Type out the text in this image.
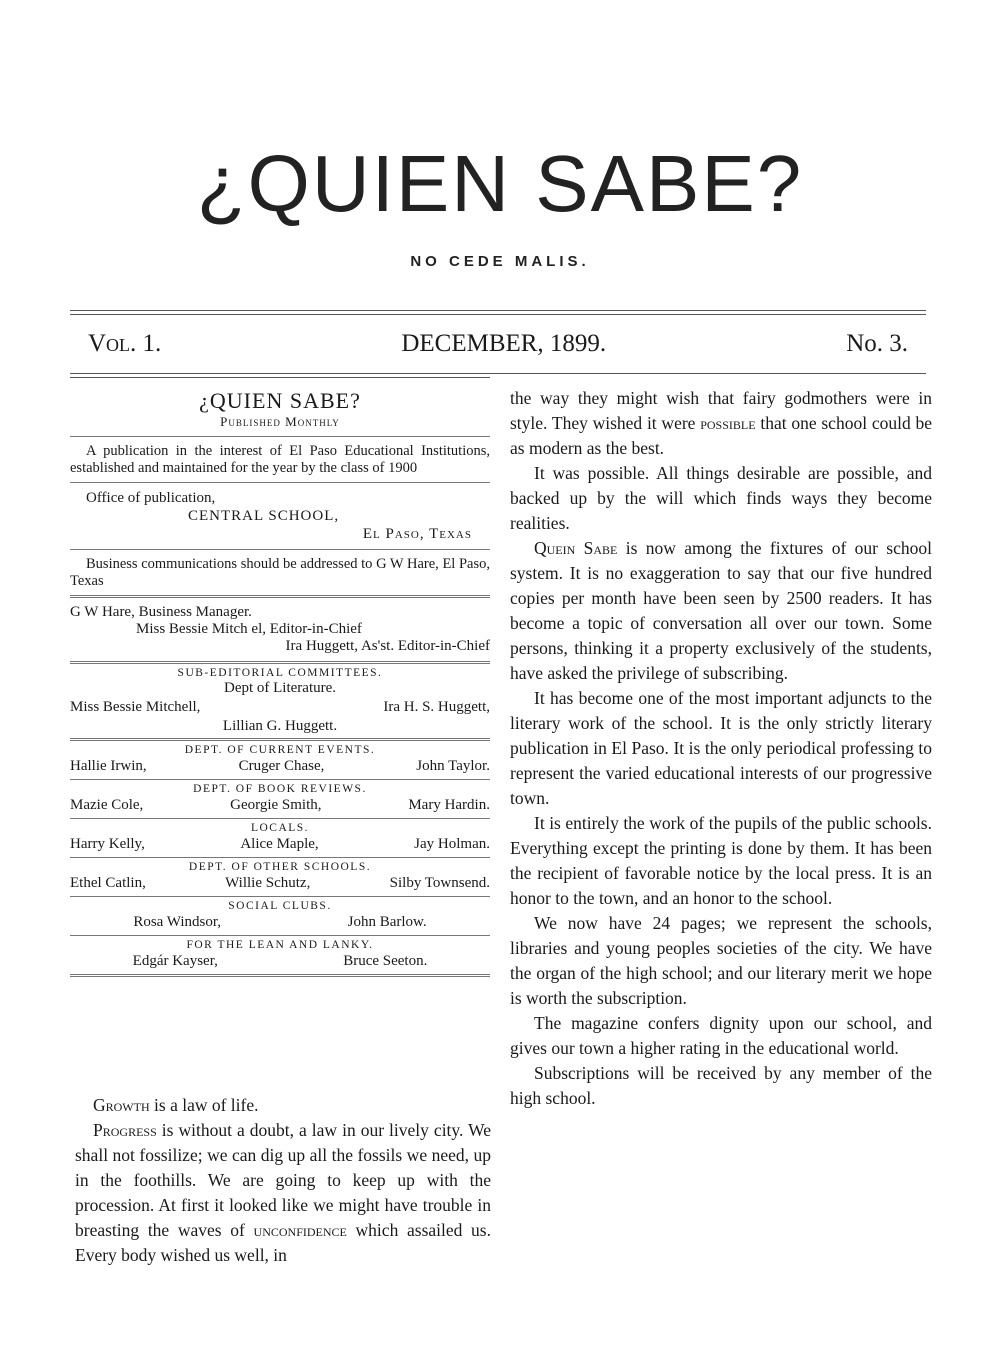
¿QUIEN SABE?
NO CEDE MALIS.
Vol. 1.	DECEMBER, 1899.	No. 3.
¿QUIEN SABE?
Published Monthly
A publication in the interest of El Paso Educational Institutions, established and maintained for the year by the class of 1900
Office of publication,
CENTRAL SCHOOL,
El Paso, Texas
Business communications should be addressed to G W Hare, El Paso, Texas
G W Hare, Business Manager.
Miss Bessie Mitch el, Editor-in-Chief
Ira Huggett, As'st. Editor-in-Chief
SUB-EDITORIAL COMMITTEES.
Dept of Literature.
Miss Bessie Mitchell,	Ira H. S. Huggett,
Lillian G. Huggett.
DEPT. OF CURRENT EVENTS.
Hallie Irwin,	Cruger Chase,	John Taylor.
DEPT. OF BOOK REVIEWS.
Mazie Cole,	Georgie Smith,	Mary Hardin.
LOCALS.
Harry Kelly,	Alice Maple,	Jay Holman.
DEPT. OF OTHER SCHOOLS.
Ethel Catlin,	Willie Schutz,	Silby Townsend.
SOCIAL CLUBS.
Rosa Windsor,	John Barlow.
FOR THE LEAN AND LANKY.
Edgár Kayser,	Bruce Seeton.

Growth is a law of life.

Progress is without a doubt, a law in our lively city. We shall not fossilize; we can dig up all the fossils we need, up in the foothills. We are going to keep up with the procession. At first it looked like we might have trouble in breasting the waves of unconfidence which assailed us. Every body wished us well, in

the way they might wish that fairy godmothers were in style. They wished it were possible that one school could be as modern as the best.

It was possible. All things desirable are possible, and backed up by the will which finds ways they become realities.

Quein Sabe is now among the fixtures of our school system. It is no exaggeration to say that our five hundred copies per month have been seen by 2500 readers. It has become a topic of conversation all over our town. Some persons, thinking it a property exclusively of the students, have asked the privilege of subscribing.

It has become one of the most important adjuncts to the literary work of the school. It is the only strictly literary publication in El Paso. It is the only periodical professing to represent the varied educational interests of our progressive town.

It is entirely the work of the pupils of the public schools. Everything except the printing is done by them. It has been the recipient of favorable notice by the local press. It is an honor to the town, and an honor to the school.

We now have 24 pages; we represent the schools, libraries and young peoples societies of the city. We have the organ of the high school; and our literary merit we hope is worth the subscription.

The magazine confers dignity upon our school, and gives our town a higher rating in the educational world.

Subscriptions will be received by any member of the high school.
